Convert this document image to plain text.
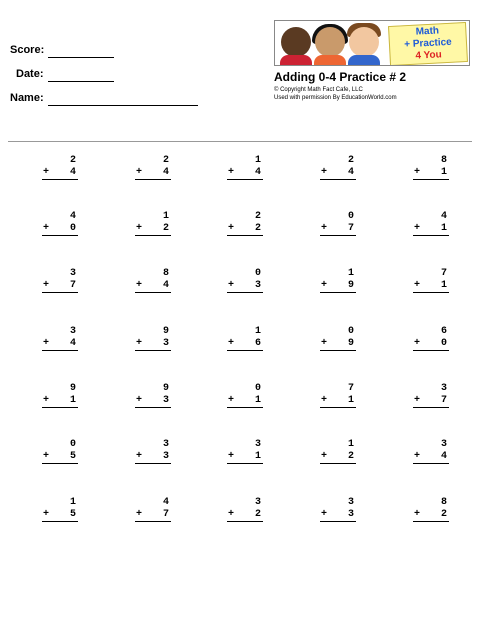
Score:
Date:
Name:
Math
+ Practice
4 You
Adding 0-4 Practice # 2
© Copyright Math Fact Cafe, LLC
Used with permission By EducationWorld.com
2
+ 4
2
+ 4
1
+ 4
2
+ 4
8
+ 1
4
+ 0
1
+ 2
2
+ 2
0
+ 7
4
+ 1
3
+ 7
8
+ 4
0
+ 3
1
+ 9
7
+ 1
3
+ 4
9
+ 3
1
+ 6
0
+ 9
6
+ 0
9
+ 1
9
+ 3
0
+ 1
7
+ 1
3
+ 7
0
+ 5
3
+ 3
3
+ 1
1
+ 2
3
+ 4
1
+ 5
4
+ 7
3
+ 2
3
+ 3
8
+ 2
